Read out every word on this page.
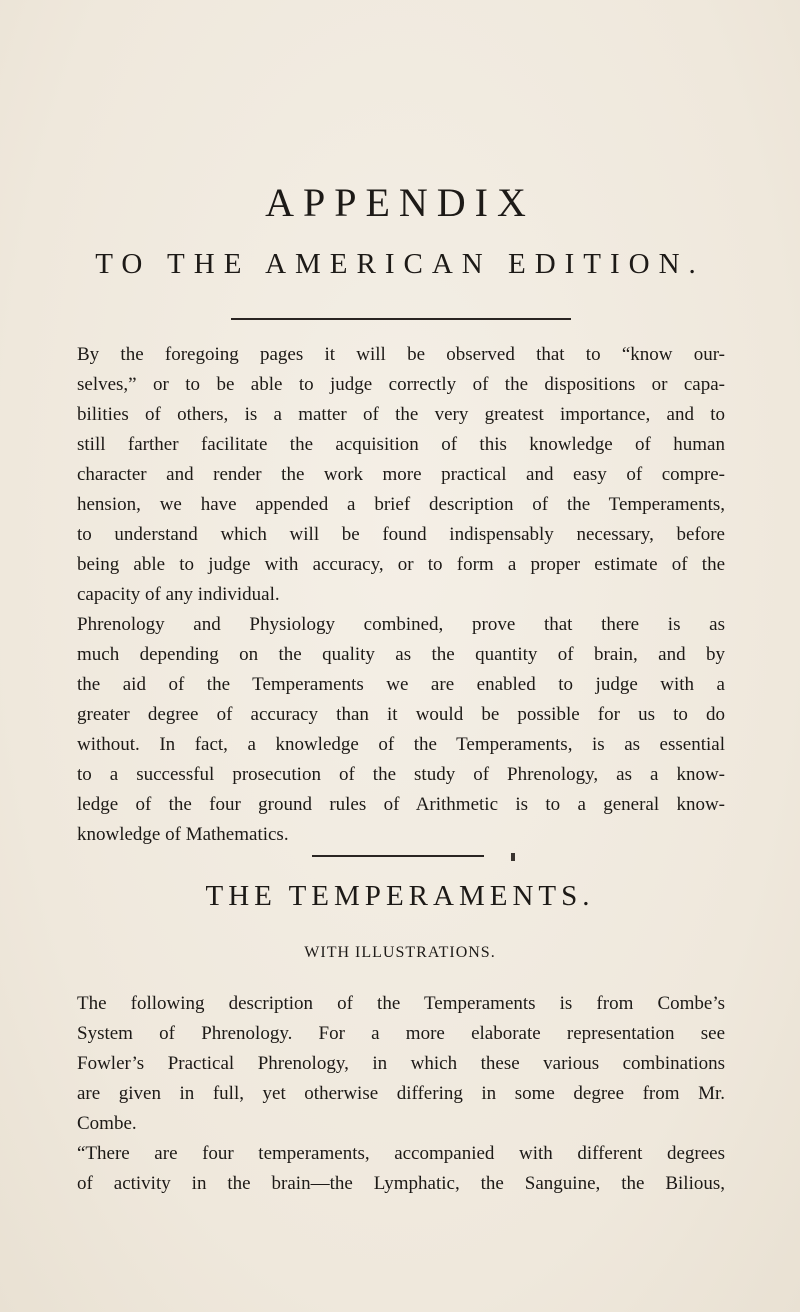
APPENDIX
TO THE AMERICAN EDITION.
By the foregoing pages it will be observed that to “know our-
selves,” or to be able to judge correctly of the dispositions or capa-
bilities of others, is a matter of the very greatest importance, and to
still farther facilitate the acquisition of this knowledge of human
character and render the work more practical and easy of compre-
hension, we have appended a brief description of the Temperaments,
to understand which will be found indispensably necessary, before
being able to judge with accuracy, or to form a proper estimate of the
capacity of any individual.
Phrenology and Physiology combined, prove that there is as
much depending on the quality as the quantity of brain, and by
the aid of the Temperaments we are enabled to judge with a
greater degree of accuracy than it would be possible for us to do
without. In fact, a knowledge of the Temperaments, is as essential
to a successful prosecution of the study of Phrenology, as a know-
ledge of the four ground rules of Arithmetic is to a general know-
knowledge of Mathematics.
THE TEMPERAMENTS.
WITH ILLUSTRATIONS.
The following description of the Temperaments is from Combe’s
System of Phrenology. For a more elaborate representation see
Fowler’s Practical Phrenology, in which these various combinations
are given in full, yet otherwise differing in some degree from Mr.
Combe.
“There are four temperaments, accompanied with different degrees
of activity in the brain—the Lymphatic, the Sanguine, the Bilious,
